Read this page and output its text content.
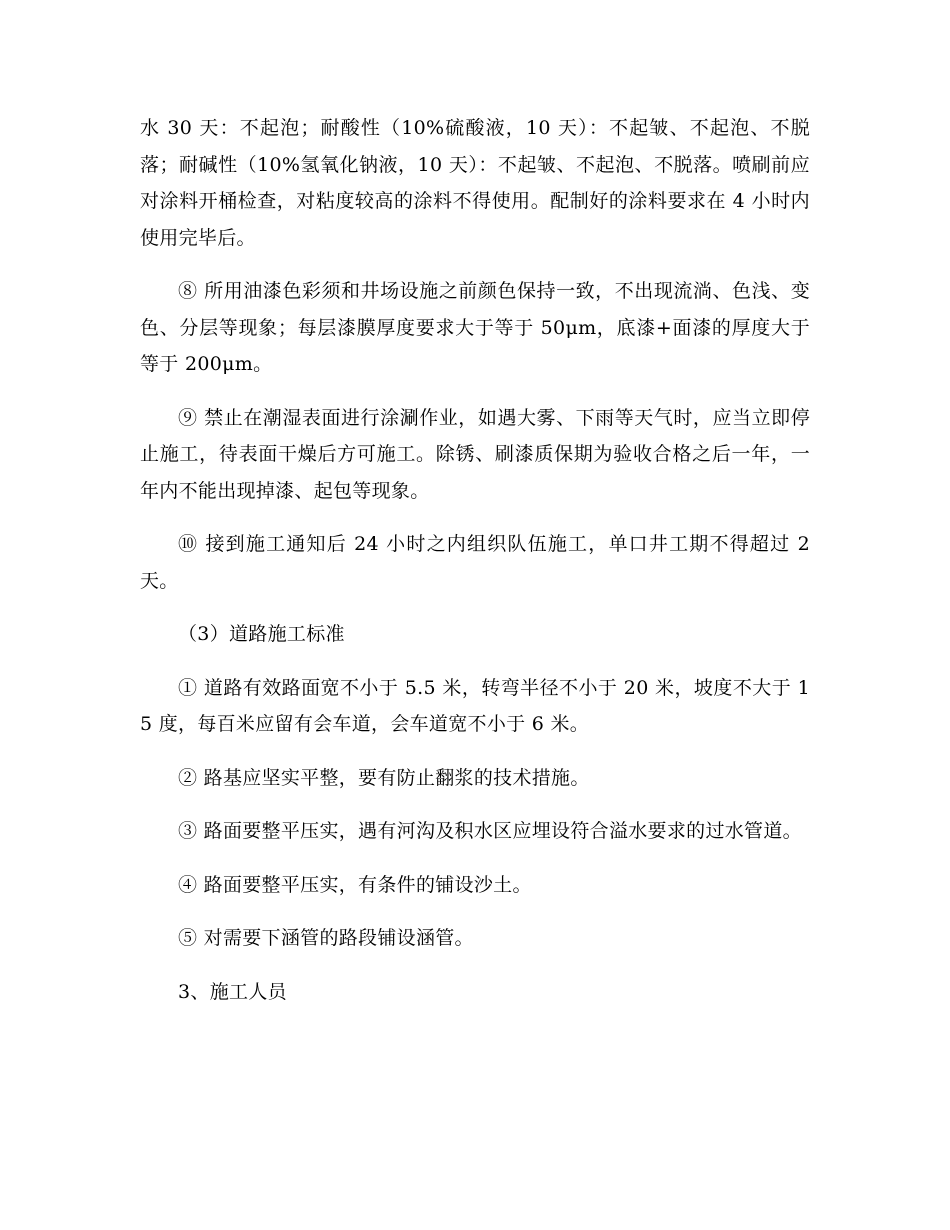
水 30 天：不起泡；耐酸性（10%硫酸液，10 天）：不起皱、不起泡、不脱落；耐碱性（10%氢氧化钠液，10 天）：不起皱、不起泡、不脱落。喷刷前应对涂料开桶检查，对粘度较高的涂料不得使用。配制好的涂料要求在 4 小时内使用完毕后。

⑧ 所用油漆色彩须和井场设施之前颜色保持一致，不出现流淌、色浅、变色、分层等现象；每层漆膜厚度要求大于等于 50μm，底漆+面漆的厚度大于等于 200μm。

⑨ 禁止在潮湿表面进行涂涮作业，如遇大雾、下雨等天气时，应当立即停止施工，待表面干燥后方可施工。除锈、刷漆质保期为验收合格之后一年，一年内不能出现掉漆、起包等现象。

⑩ 接到施工通知后 24 小时之内组织队伍施工，单口井工期不得超过 2 天。

（3）道路施工标准

① 道路有效路面宽不小于 5.5 米，转弯半径不小于 20 米，坡度不大于 15 度，每百米应留有会车道，会车道宽不小于 6 米。

② 路基应坚实平整，要有防止翻浆的技术措施。

③ 路面要整平压实，遇有河沟及积水区应埋设符合溢水要求的过水管道。

④ 路面要整平压实，有条件的铺设沙土。

⑤ 对需要下涵管的路段铺设涵管。

3、施工人员
